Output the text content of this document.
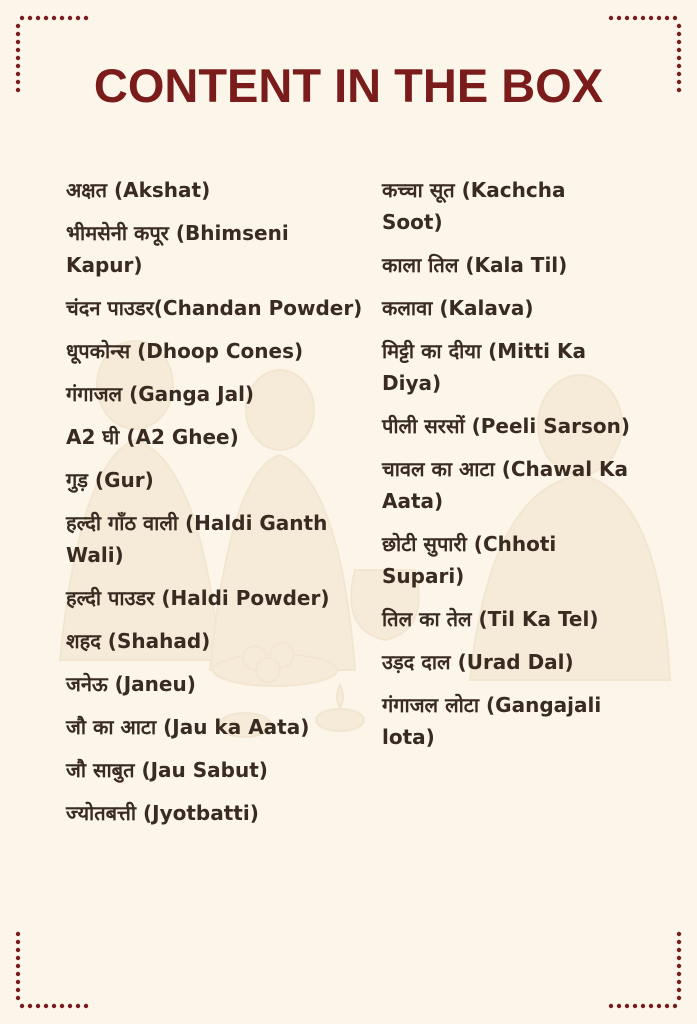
CONTENT IN THE BOX
अक्षत (Akshat)
भीमसेनी कपूर (Bhimseni Kapur)
चंदन पाउडर(Chandan Powder)
धूपकोन्स (Dhoop Cones)
गंगाजल (Ganga Jal)
A2 घी (A2 Ghee)
गुड़ (Gur)
हल्दी गाँठ वाली (Haldi Ganth Wali)
हल्दी पाउडर (Haldi Powder)
शहद (Shahad)
जनेऊ (Janeu)
जौ का आटा (Jau ka Aata)
जौ साबुत (Jau Sabut)
ज्योतबत्ती (Jyotbatti)
कच्चा सूत (Kachcha Soot)
काला तिल (Kala Til)
कलावा (Kalava)
मिट्टी का दीया (Mitti Ka Diya)
पीली सरसों (Peeli Sarson)
चावल का आटा (Chawal Ka Aata)
छोटी सुपारी (Chhoti Supari)
तिल का तेल (Til Ka Tel)
उड़द दाल (Urad Dal)
गंगाजल लोटा (Gangajali lota)
